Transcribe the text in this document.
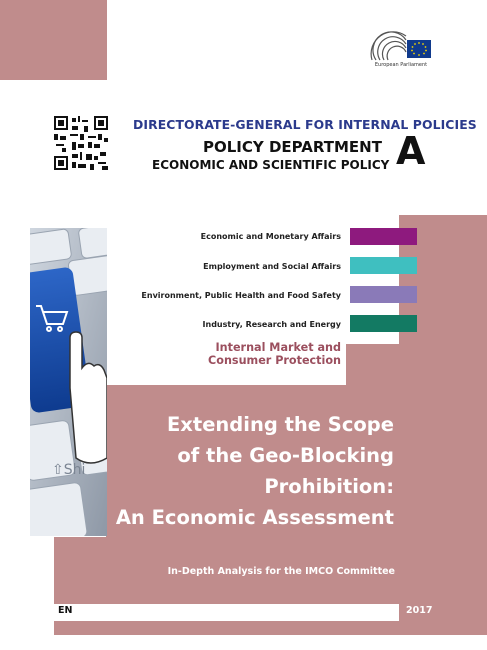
European Parliament
DIRECTORATE-GENERAL FOR INTERNAL POLICIES
POLICY DEPARTMENT
ECONOMIC AND SCIENTIFIC POLICY A
⇧Shi
Economic and Monetary Affairs
Employment and Social Affairs
Environment, Public Health and Food Safety
Industry, Research and Energy
Internal Market and
Consumer Protection
Extending the Scope
of the Geo-Blocking
Prohibition:
An Economic Assessment
In-Depth Analysis for the IMCO Committee
EN	2017
